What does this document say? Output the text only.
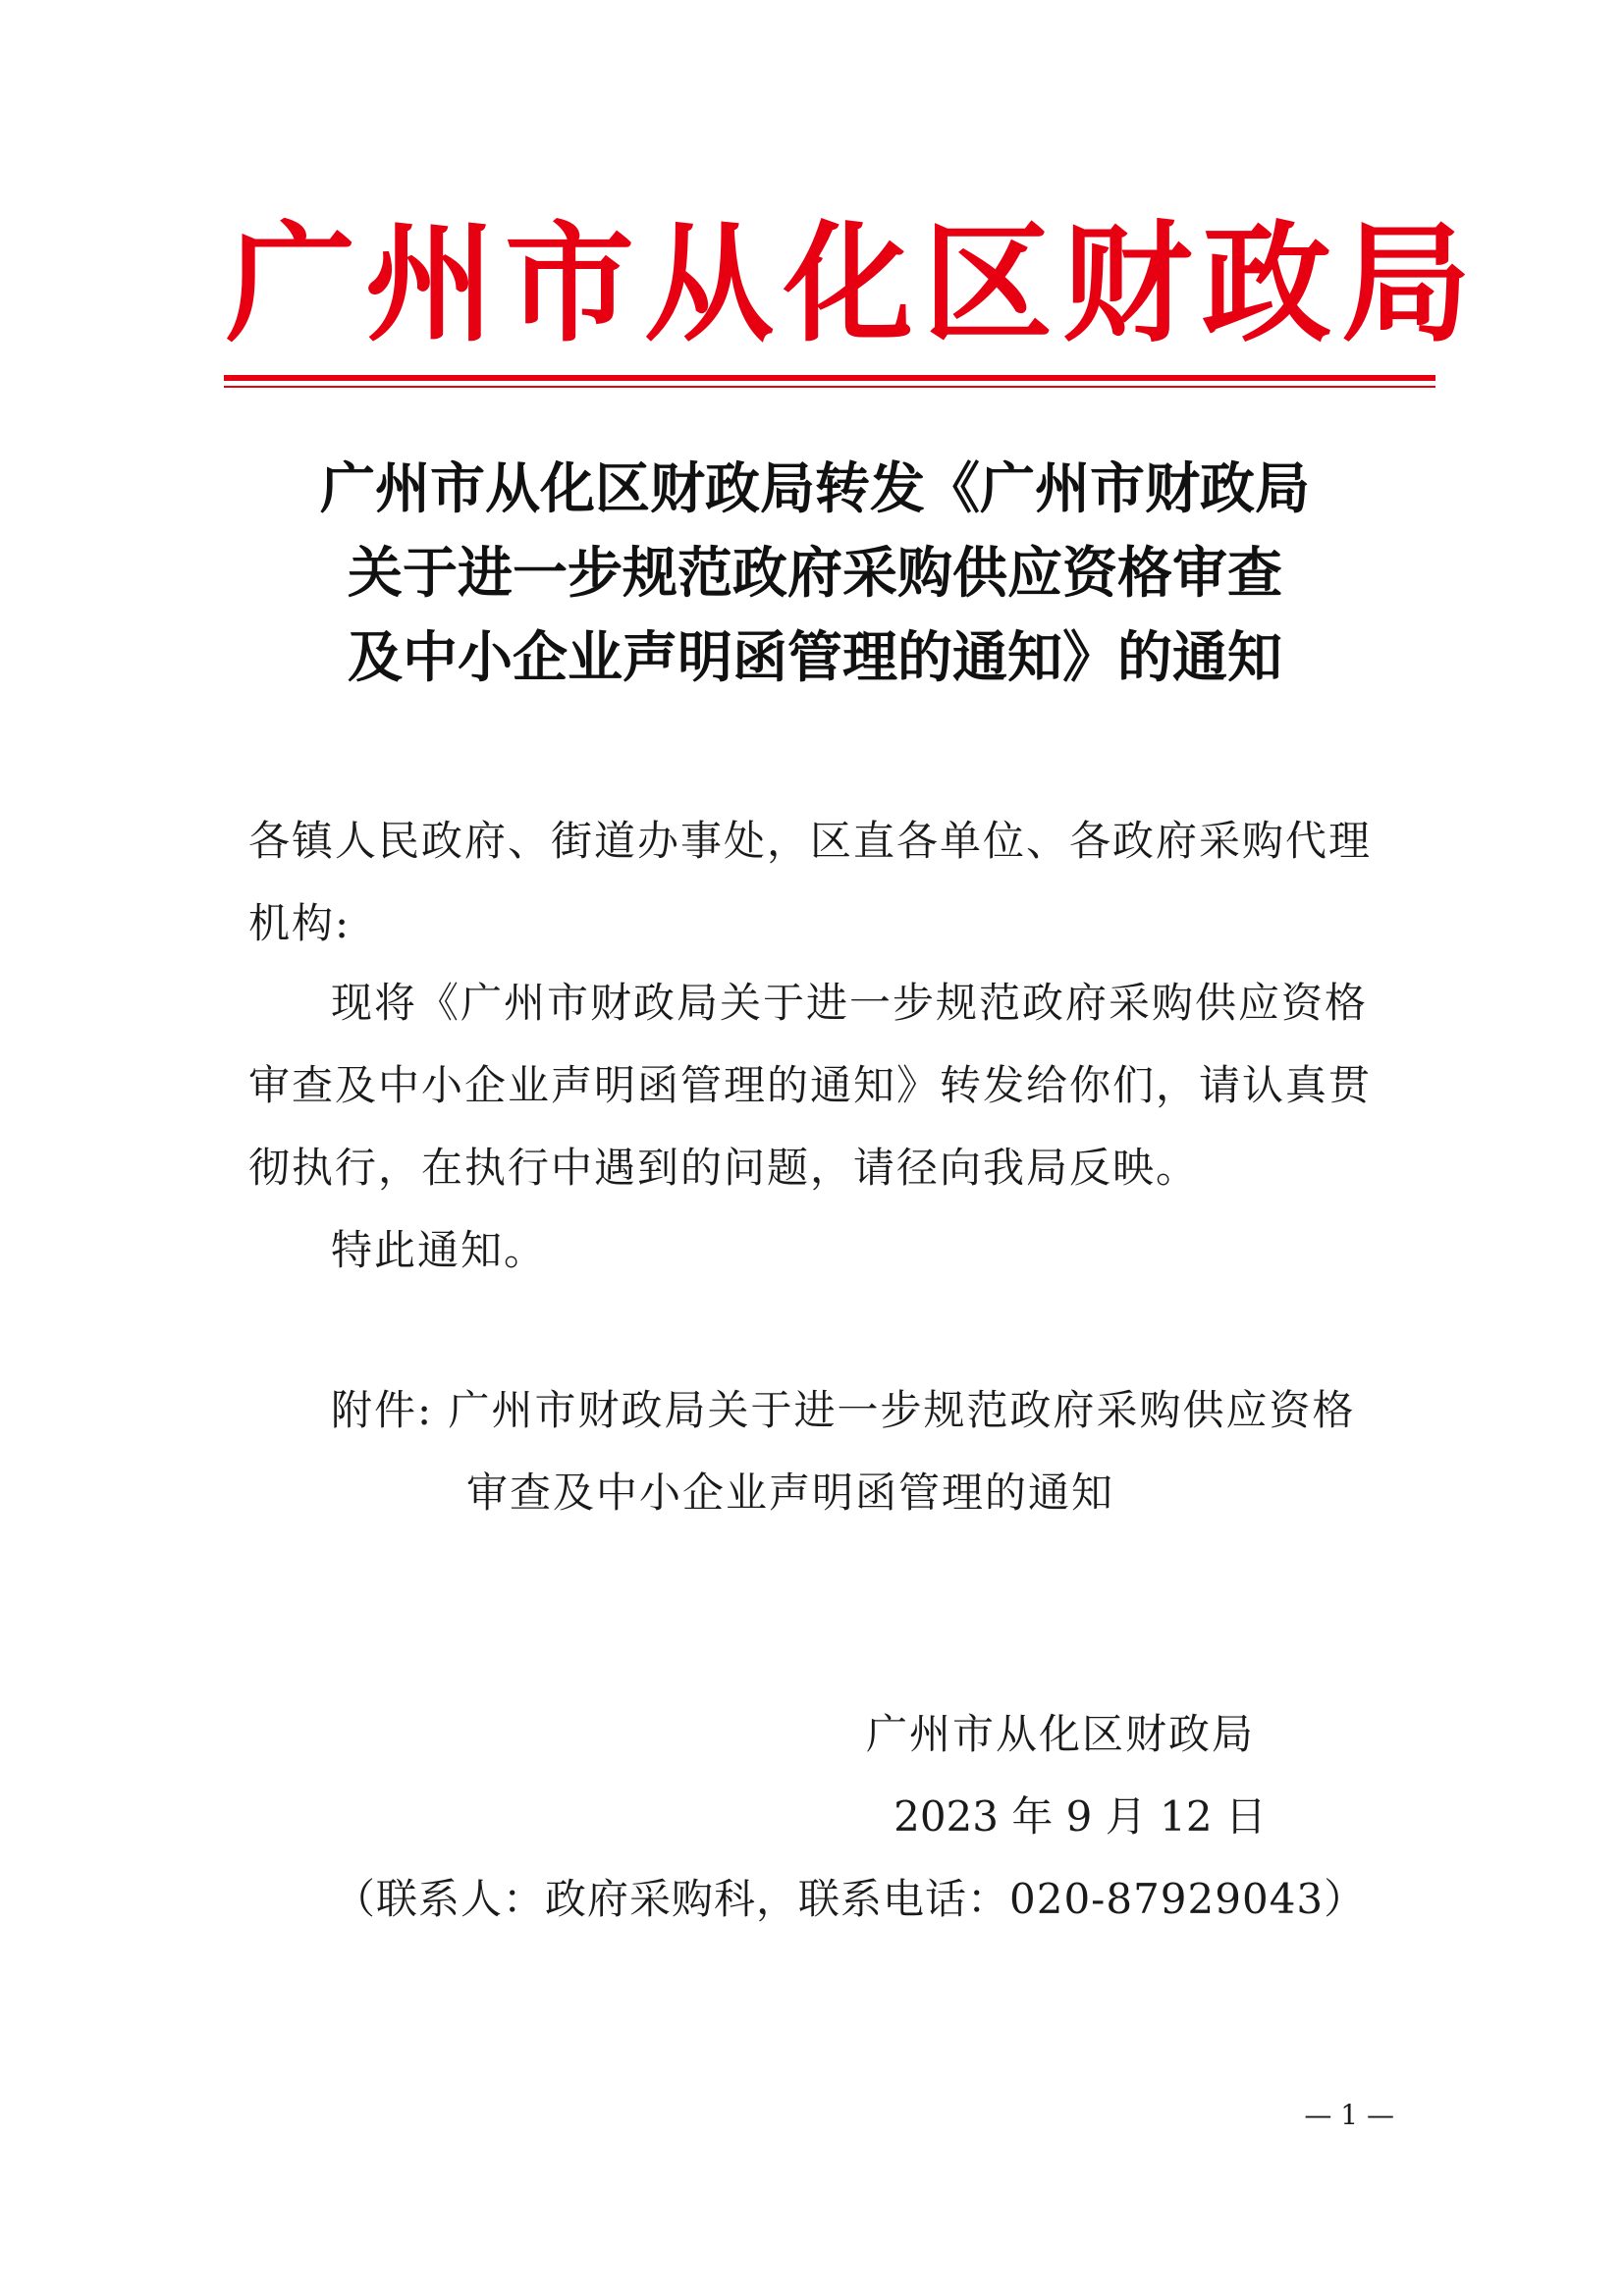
广州市从化区财政局
广州市从化区财政局转发《广州市财政局
关于进一步规范政府采购供应资格审查
及中小企业声明函管理的通知》的通知
各镇人民政府、街道办事处，区直各单位、各政府采购代理机构:
现将《广州市财政局关于进一步规范政府采购供应资格审查及中小企业声明函管理的通知》转发给你们，请认真贯彻执行，在执行中遇到的问题，请径向我局反映。
特此通知。
附件: 广州市财政局关于进一步规范政府采购供应资格
审查及中小企业声明函管理的通知
广州市从化区财政局
2023 年 9 月 12 日
（联系人：政府采购科，联系电话：020-87929043）
— 1 —
